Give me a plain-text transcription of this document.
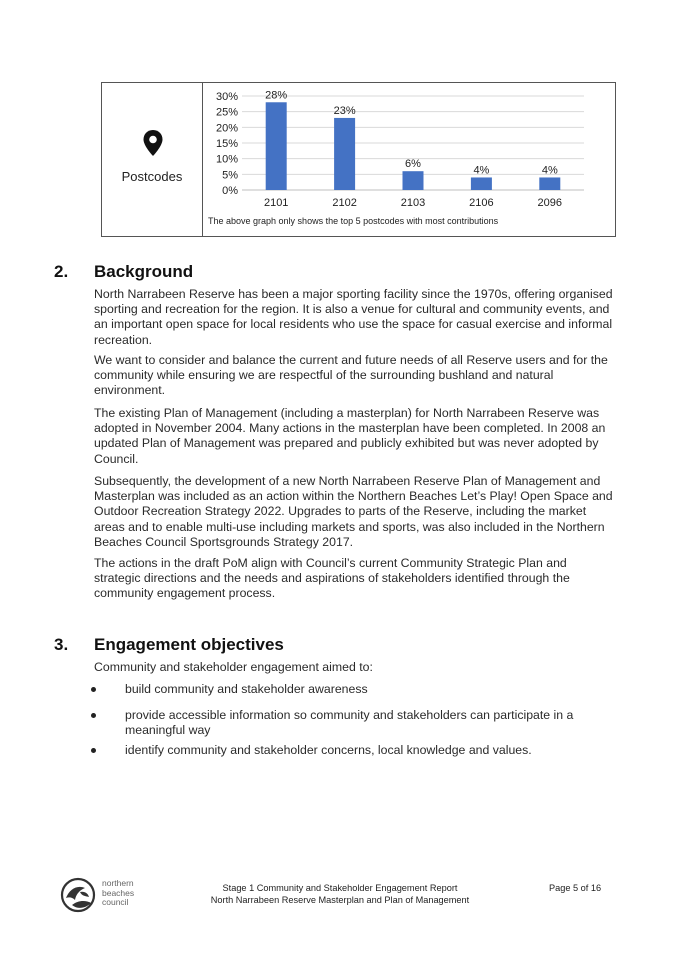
Postcodes
30%
25%
20%
15%
10%
5%
0%
28%
2101
23%
2102
6%
2103
4%
2106
4%
2096
The above graph only shows the top 5 postcodes with most contributions
2. Background

North Narrabeen Reserve has been a major sporting facility since the 1970s, offering organised sporting and recreation for the region. It is also a venue for cultural and community events, and an important open space for local residents who use the space for casual exercise and informal recreation.

We want to consider and balance the current and future needs of all Reserve users and for the community while ensuring we are respectful of the surrounding bushland and natural environment.

The existing Plan of Management (including a masterplan) for North Narrabeen Reserve was adopted in November 2004. Many actions in the masterplan have been completed. In 2008 an updated Plan of Management was prepared and publicly exhibited but was never adopted by Council.

Subsequently, the development of a new North Narrabeen Reserve Plan of Management and Masterplan was included as an action within the Northern Beaches Let’s Play! Open Space and Outdoor Recreation Strategy 2022. Upgrades to parts of the Reserve, including the market areas and to enable multi-use including markets and sports, was also included in the Northern Beaches Council Sportsgrounds Strategy 2017.

The actions in the draft PoM align with Council’s current Community Strategic Plan and strategic directions and the needs and aspirations of stakeholders identified through the community engagement process.

3. Engagement objectives

Community and stakeholder engagement aimed to:

build community and stakeholder awareness
provide accessible information so community and stakeholders can participate in a meaningful way
identify community and stakeholder concerns, local knowledge and values.
northern
beaches
council
Stage 1 Community and Stakeholder Engagement Report
North Narrabeen Reserve Masterplan and Plan of Management
Page 5 of 16
